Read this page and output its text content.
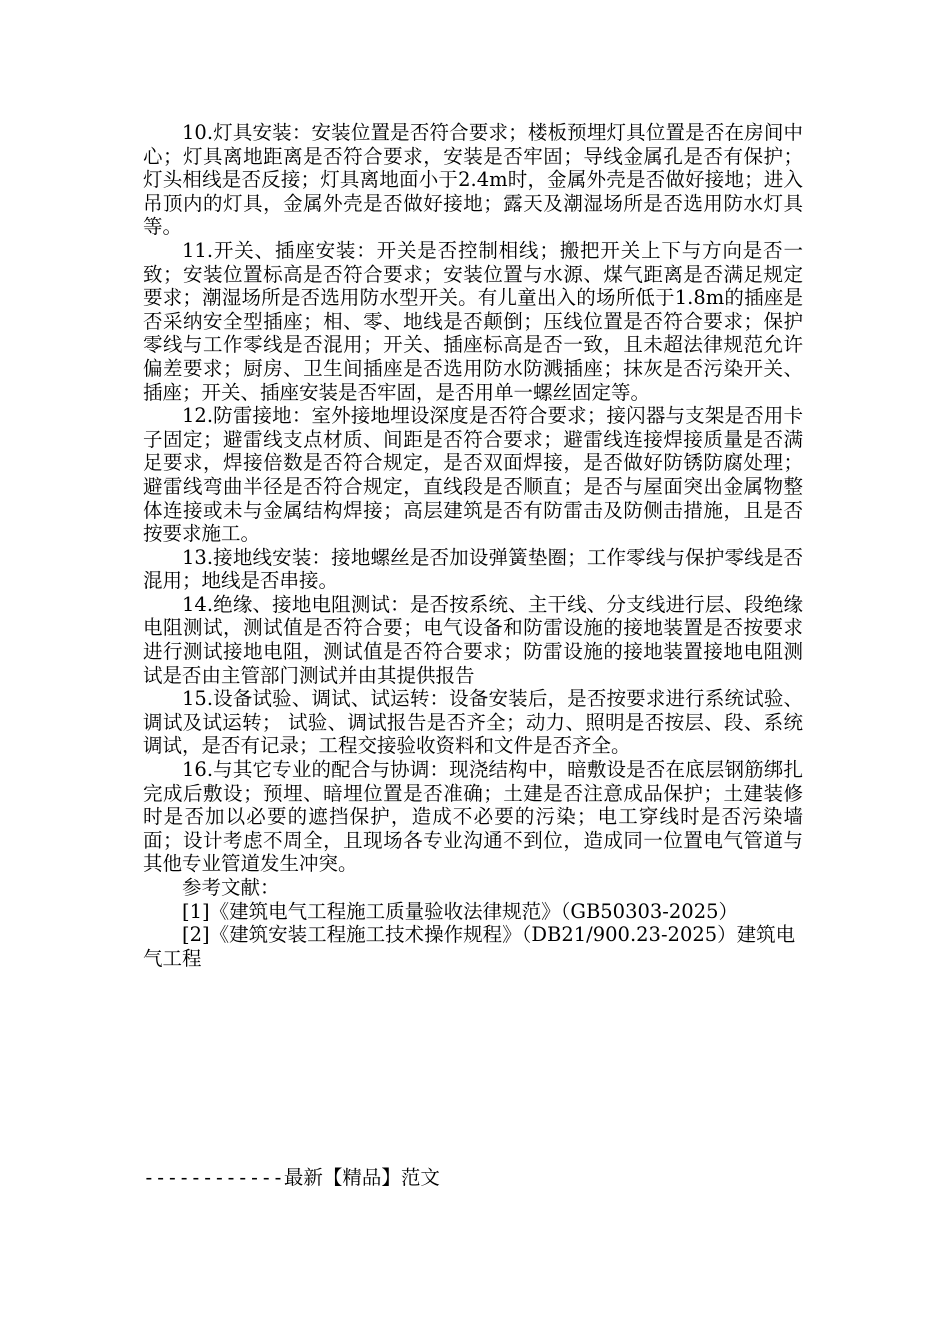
10.灯具安装：安装位置是否符合要求；楼板预埋灯具位置是否在房间中心；灯具离地距离是否符合要求，安装是否牢固；导线金属孔是否有保护；灯头相线是否反接；灯具离地面小于2.4m时，金属外壳是否做好接地；进入吊顶内的灯具，金属外壳是否做好接地；露天及潮湿场所是否选用防水灯具等。

11.开关、插座安装：开关是否控制相线；搬把开关上下与方向是否一致；安装位置标高是否符合要求；安装位置与水源、煤气距离是否满足规定要求；潮湿场所是否选用防水型开关。有儿童出入的场所低于1.8m的插座是否采纳安全型插座；相、零、地线是否颠倒；压线位置是否符合要求；保护零线与工作零线是否混用；开关、插座标高是否一致，且未超法律规范允许偏差要求；厨房、卫生间插座是否选用防水防溅插座；抹灰是否污染开关、插座；开关、插座安装是否牢固，是否用单一螺丝固定等。

12.防雷接地：室外接地埋设深度是否符合要求；接闪器与支架是否用卡子固定；避雷线支点材质、间距是否符合要求；避雷线连接焊接质量是否满足要求，焊接倍数是否符合规定，是否双面焊接，是否做好防锈防腐处理；避雷线弯曲半径是否符合规定，直线段是否顺直；是否与屋面突出金属物整体连接或未与金属结构焊接；高层建筑是否有防雷击及防侧击措施，且是否按要求施工。

13.接地线安装：接地螺丝是否加设弹簧垫圈；工作零线与保护零线是否混用；地线是否串接。

14.绝缘、接地电阻测试：是否按系统、主干线、分支线进行层、段绝缘电阻测试，测试值是否符合要；电气设备和防雷设施的接地装置是否按要求进行测试接地电阻，测试值是否符合要求；防雷设施的接地装置接地电阻测试是否由主管部门测试并由其提供报告

15.设备试验、调试、试运转：设备安装后，是否按要求进行系统试验、调试及试运转； 试验、调试报告是否齐全；动力、照明是否按层、段、系统调试，是否有记录；工程交接验收资料和文件是否齐全。

16.与其它专业的配合与协调：现浇结构中，暗敷设是否在底层钢筋绑扎完成后敷设；预埋、暗埋位置是否准确；土建是否注意成品保护；土建装修时是否加以必要的遮挡保护，造成不必要的污染；电工穿线时是否污染墙面；设计考虑不周全，且现场各专业沟通不到位，造成同一位置电气管道与其他专业管道发生冲突。

参考文献：

[1]《建筑电气工程施工质量验收法律规范》（GB50303-2025）

[2]《建筑安装工程施工技术操作规程》（DB21/900.23-2025）建筑电气工程

------------最新【精品】范文
